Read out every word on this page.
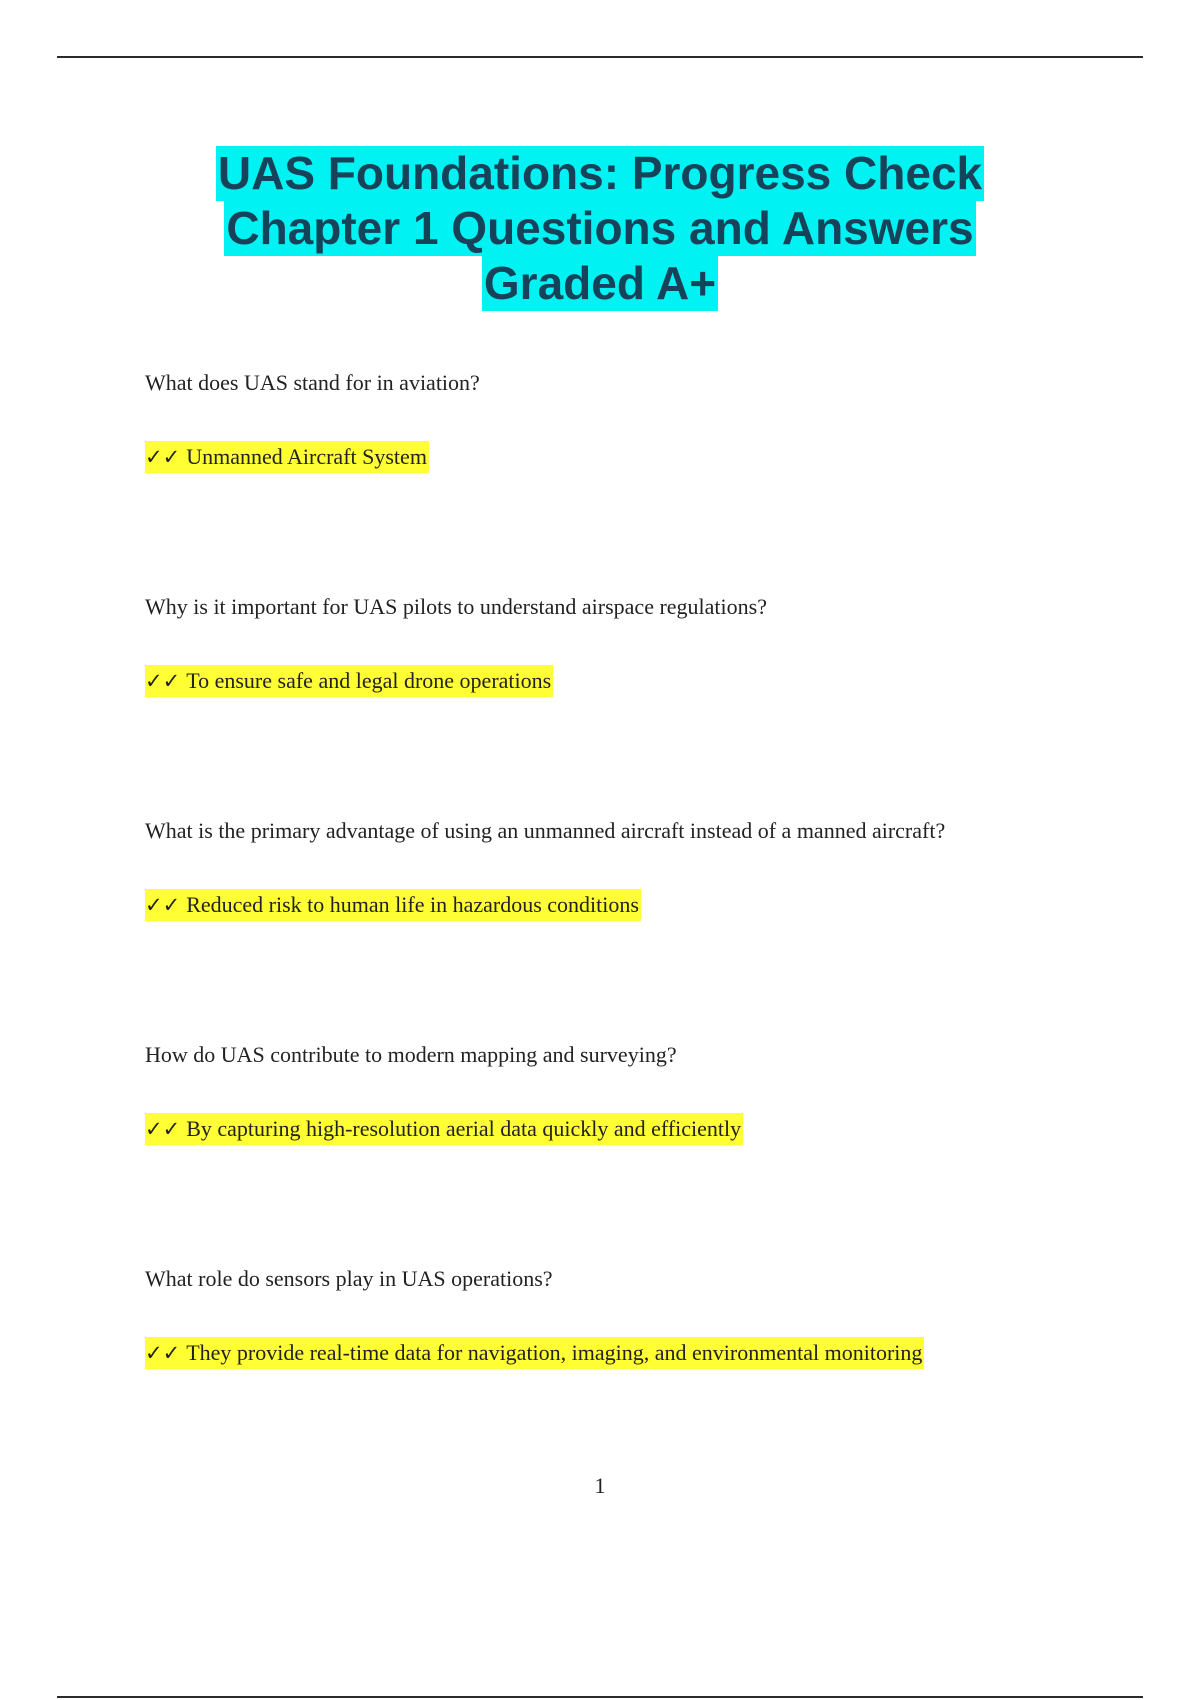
UAS Foundations: Progress Check
Chapter 1 Questions and Answers
Graded A+

What does UAS stand for in aviation?

✓✓ Unmanned Aircraft System

Why is it important for UAS pilots to understand airspace regulations?

✓✓ To ensure safe and legal drone operations

What is the primary advantage of using an unmanned aircraft instead of a manned aircraft?

✓✓ Reduced risk to human life in hazardous conditions

How do UAS contribute to modern mapping and surveying?

✓✓ By capturing high-resolution aerial data quickly and efficiently

What role do sensors play in UAS operations?

✓✓ They provide real-time data for navigation, imaging, and environmental monitoring
1
